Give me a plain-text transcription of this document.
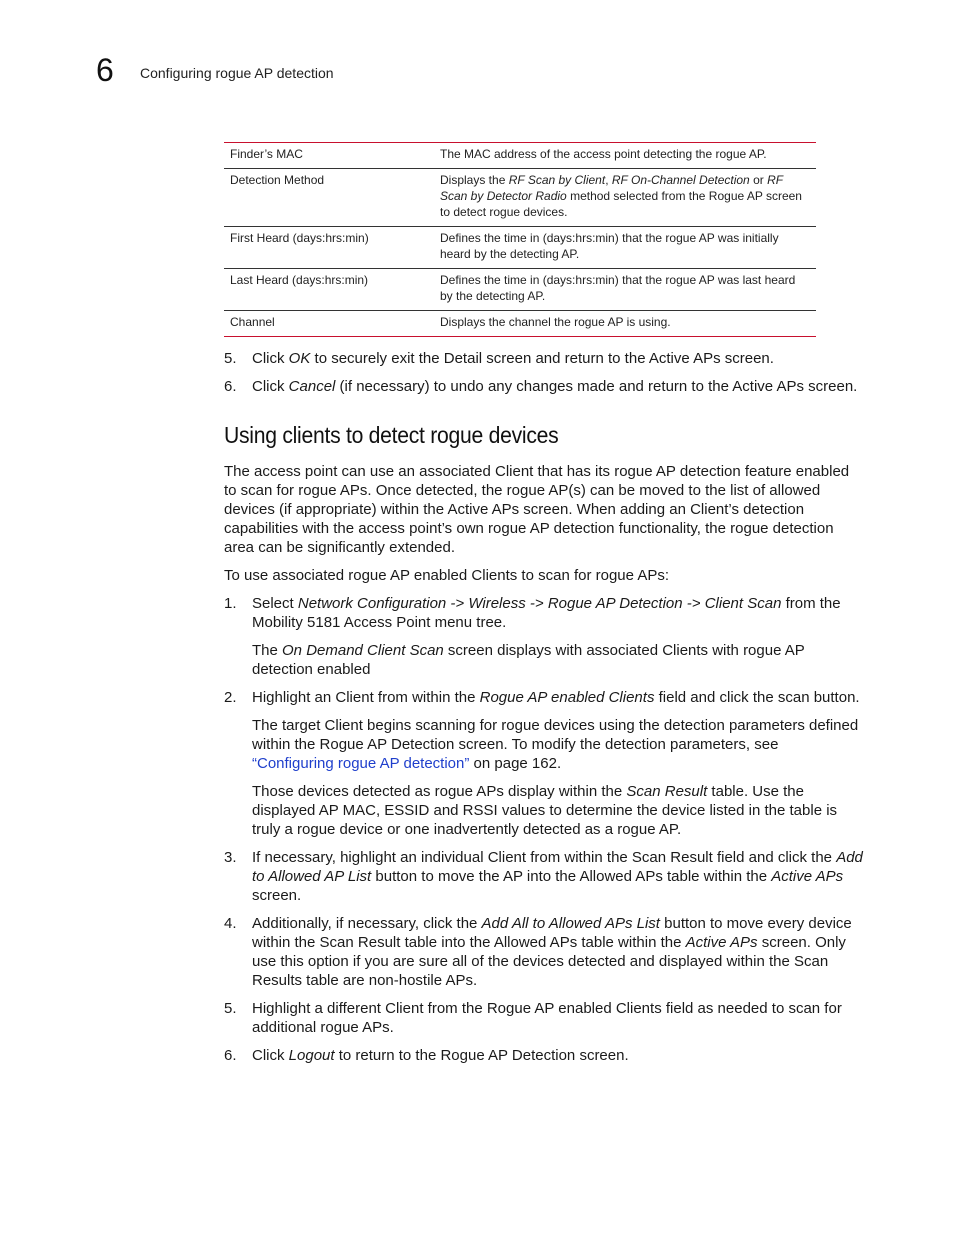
6 Configuring rogue AP detection
Finder’s MAC	The MAC address of the access point detecting the rogue AP.
Detection Method	Displays the RF Scan by Client, RF On-Channel Detection or RF Scan by Detector Radio method selected from the Rogue AP screen to detect rogue devices.
First Heard (days:hrs:min)	Defines the time in (days:hrs:min) that the rogue AP was initially heard by the detecting AP.
Last Heard (days:hrs:min)	Defines the time in (days:hrs:min) that the rogue AP was last heard by the detecting AP.
Channel	Displays the channel the rogue AP is using.
5. Click OK to securely exit the Detail screen and return to the Active APs screen.
6. Click Cancel (if necessary) to undo any changes made and return to the Active APs screen.
Using clients to detect rogue devices

The access point can use an associated Client that has its rogue AP detection feature enabled to scan for rogue APs. Once detected, the rogue AP(s) can be moved to the list of allowed devices (if appropriate) within the Active APs screen. When adding an Client’s detection capabilities with the access point’s own rogue AP detection functionality, the rogue detection area can be significantly extended.

To use associated rogue AP enabled Clients to scan for rogue APs:

1. Select Network Configuration -> Wireless -> Rogue AP Detection -> Client Scan from the Mobility 5181 Access Point menu tree.
The On Demand Client Scan screen displays with associated Clients with rogue AP detection enabled
2. Highlight an Client from within the Rogue AP enabled Clients field and click the scan button.
The target Client begins scanning for rogue devices using the detection parameters defined within the Rogue AP Detection screen. To modify the detection parameters, see “Configuring rogue AP detection” on page 162.
Those devices detected as rogue APs display within the Scan Result table. Use the displayed AP MAC, ESSID and RSSI values to determine the device listed in the table is truly a rogue device or one inadvertently detected as a rogue AP.
3. If necessary, highlight an individual Client from within the Scan Result field and click the Add to Allowed AP List button to move the AP into the Allowed APs table within the Active APs screen.
4. Additionally, if necessary, click the Add All to Allowed APs List button to move every device within the Scan Result table into the Allowed APs table within the Active APs screen. Only use this option if you are sure all of the devices detected and displayed within the Scan Results table are non-hostile APs.
5. Highlight a different Client from the Rogue AP enabled Clients field as needed to scan for additional rogue APs.
6. Click Logout to return to the Rogue AP Detection screen.
